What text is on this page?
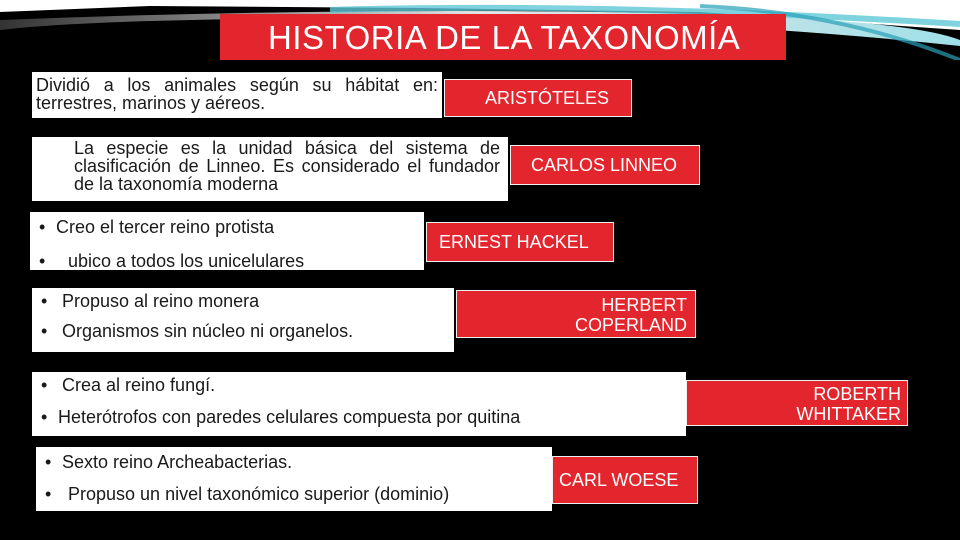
HISTORIA DE LA TAXONOMÍA
Dividió a los animales según su hábitat en: terrestres, marinos y aéreos.	ARISTÓTELES
La especie es la unidad básica del sistema de clasificación de Linneo. Es considerado el fundador de la taxonomía moderna
CARLOS LINNEO
• Creo el tercer reino protista
• ubico a todos los unicelulares
ERNEST HACKEL
• Propuso al reino monera
• Organismos sin núcleo ni organelos.
HERBERT
COPERLAND
• Crea al reino fungí.
• Heterótrofos con paredes celulares compuesta por quitina
ROBERTH
WHITTAKER
• Sexto reino Archeabacterias.
• Propuso un nivel taxonómico superior (dominio)
CARL WOESE
